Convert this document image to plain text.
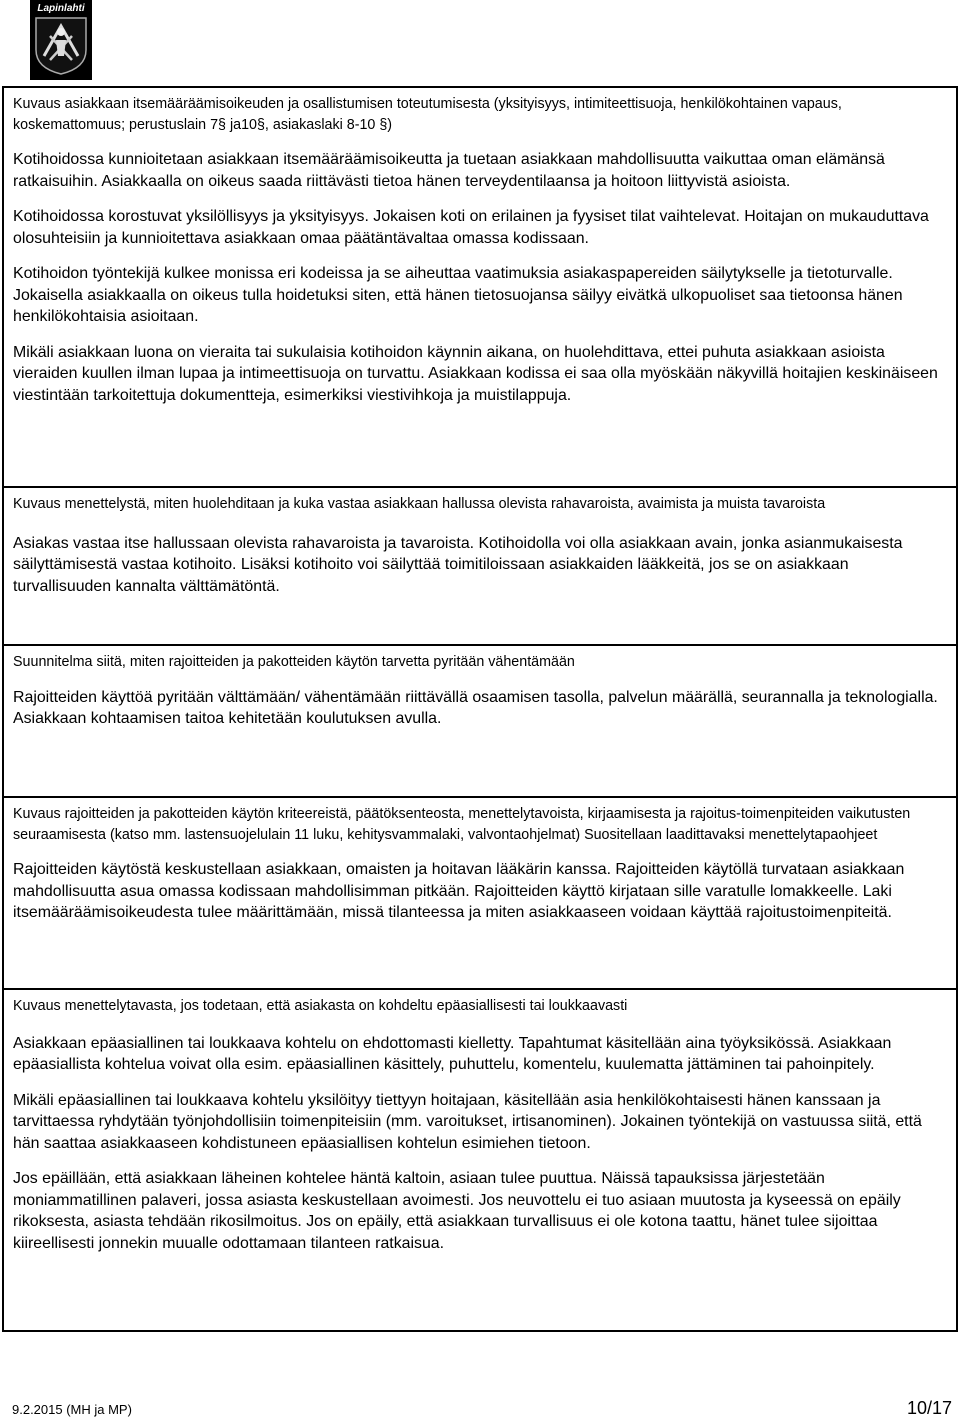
Lapinlahti

Kuvaus asiakkaan itsemääräämisoikeuden ja osallistumisen toteutumisesta (yksityisyys, intimiteettisuoja, henkilökohtainen vapaus, koskemattomuus; perustuslain 7§ ja10§, asiakaslaki 8-10 §)

Kotihoidossa kunnioitetaan asiakkaan itsemääräämisoikeutta ja tuetaan asiakkaan mahdollisuutta vaikuttaa oman elämänsä ratkaisuihin. Asiakkaalla on oikeus saada riittävästi tietoa hänen terveydentilaansa ja hoitoon liittyvistä asioista.

Kotihoidossa korostuvat yksilöllisyys ja yksityisyys. Jokaisen koti on erilainen ja fyysiset tilat vaihtelevat. Hoitajan on mukauduttava olosuhteisiin ja kunnioitettava asiakkaan omaa päätäntävaltaa omassa kodissaan.

Kotihoidon työntekijä kulkee monissa eri kodeissa ja se aiheuttaa vaatimuksia asiakaspapereiden säilytykselle ja tietoturvalle. Jokaisella asiakkaalla on oikeus tulla hoidetuksi siten, että hänen tietosuojansa säilyy eivätkä ulkopuoliset saa tietoonsa hänen henkilökohtaisia asioitaan.

Mikäli asiakkaan luona on vieraita tai sukulaisia kotihoidon käynnin aikana, on huolehdittava, ettei puhuta asiakkaan asioista vieraiden kuullen ilman lupaa ja intimeettisuoja on turvattu. Asiakkaan kodissa ei saa olla myöskään näkyvillä hoitajien keskinäiseen viestintään tarkoitettuja dokumentteja, esimerkiksi viestivihkoja ja muistilappuja.

Kuvaus menettelystä, miten huolehditaan ja kuka vastaa asiakkaan hallussa olevista rahavaroista, avaimista ja muista tavaroista

Asiakas vastaa itse hallussaan olevista rahavaroista ja tavaroista. Kotihoidolla voi olla asiakkaan avain, jonka asianmukaisesta säilyttämisestä vastaa kotihoito. Lisäksi kotihoito voi säilyttää toimitiloissaan asiakkaiden lääkkeitä, jos se on asiakkaan turvallisuuden kannalta välttämätöntä.

Suunnitelma siitä, miten rajoitteiden ja pakotteiden käytön tarvetta pyritään vähentämään

Rajoitteiden käyttöä pyritään välttämään/ vähentämään riittävällä osaamisen tasolla, palvelun määrällä, seurannalla ja teknologialla. Asiakkaan kohtaamisen taitoa kehitetään koulutuksen avulla.

Kuvaus rajoitteiden ja pakotteiden käytön kriteereistä, päätöksenteosta, menettelytavoista, kirjaamisesta ja rajoitus-toimenpiteiden vaikutusten seuraamisesta (katso mm. lastensuojelulain 11 luku, kehitysvammalaki, valvontaohjelmat) Suositellaan laadittavaksi menettelytapaohjeet

Rajoitteiden käytöstä keskustellaan asiakkaan, omaisten ja hoitavan lääkärin kanssa. Rajoitteiden käytöllä turvataan asiakkaan mahdollisuutta asua omassa kodissaan mahdollisimman pitkään. Rajoitteiden käyttö kirjataan sille varatulle lomakkeelle. Laki itsemääräämisoikeudesta tulee määrittämään, missä tilanteessa ja miten asiakkaaseen voidaan käyttää rajoitustoimenpiteitä.

Kuvaus menettelytavasta, jos todetaan, että asiakasta on kohdeltu epäasiallisesti tai loukkaavasti

Asiakkaan epäasiallinen tai loukkaava kohtelu on ehdottomasti kielletty. Tapahtumat käsitellään aina työyksikössä. Asiakkaan epäasiallista kohtelua voivat olla esim. epäasiallinen käsittely, puhuttelu, komentelu, kuulematta jättäminen tai pahoinpitely.

Mikäli epäasiallinen tai loukkaava kohtelu yksilöityy tiettyyn hoitajaan, käsitellään asia henkilökohtaisesti hänen kanssaan ja tarvittaessa ryhdytään työnjohdollisiin toimenpiteisiin (mm. varoitukset, irtisanominen). Jokainen työntekijä on vastuussa siitä, että hän saattaa asiakkaaseen kohdistuneen epäasiallisen kohtelun esimiehen tietoon.

Jos epäillään, että asiakkaan läheinen kohtelee häntä kaltoin, asiaan tulee puuttua. Näissä tapauksissa järjestetään moniammatillinen palaveri, jossa asiasta keskustellaan avoimesti. Jos neuvottelu ei tuo asiaan muutosta ja kyseessä on epäily rikoksesta, asiasta tehdään rikosilmoitus. Jos on epäily, että asiakkaan turvallisuus ei ole kotona taattu, hänet tulee sijoittaa kiireellisesti jonnekin muualle odottamaan tilanteen ratkaisua.

9.2.2015 (MH ja MP)	10/17
